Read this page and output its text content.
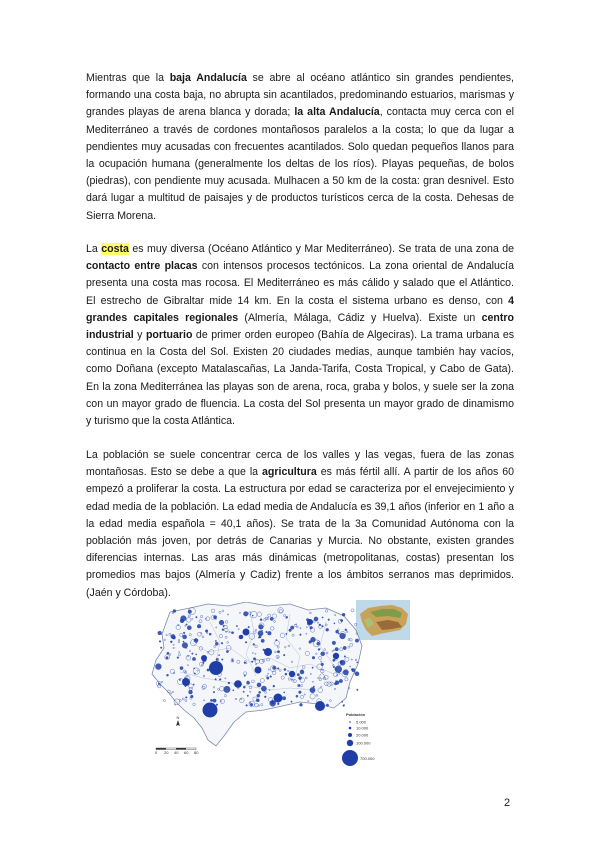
Mientras que la baja Andalucía se abre al océano atlántico sin grandes pendientes, formando una costa baja, no abrupta sin acantilados, predominando estuarios, marismas y grandes playas de arena blanca y dorada; la alta Andalucía, contacta muy cerca con el Mediterráneo a través de cordones montañosos paralelos a la costa; lo que da lugar a pendientes muy acusadas con frecuentes acantilados. Solo quedan pequeños llanos para la ocupación humana (generalmente los deltas de los ríos). Playas pequeñas, de bolos (piedras), con pendiente muy acusada. Mulhacen a 50 km de la costa: gran desnivel. Esto dará lugar a multitud de paisajes y de productos turísticos cerca de la costa. Dehesas de Sierra Morena.

La costa es muy diversa (Océano Atlántico y Mar Mediterráneo). Se trata de una zona de contacto entre placas con intensos procesos tectónicos. La zona oriental de Andalucía presenta una costa mas rocosa. El Mediterráneo es más cálido y salado que el Atlántico. El estrecho de Gibraltar mide 14 km. En la costa el sistema urbano es denso, con 4 grandes capitales regionales (Almería, Málaga, Cádiz y Huelva). Existe un centro industrial y portuario de primer orden europeo (Bahía de Algeciras). La trama urbana es continua en la Costa del Sol. Existen 20 ciudades medias, aunque también hay vacíos, como Doñana (excepto Matalascañas, La Janda-Tarifa, Costa Tropical, y Cabo de Gata). En la zona Mediterránea las playas son de arena, roca, graba y bolos, y suele ser la zona con un mayor grado de fluencia. La costa del Sol presenta un mayor grado de dinamismo y turismo que la costa Atlántica.

La población se suele concentrar cerca de los valles y las vegas, fuera de las zonas montañosas. Esto se debe a que la agricultura es más fértil allí. A partir de los años 60 empezó a proliferar la costa. La estructura por edad se caracteriza por el envejecimiento y edad media de la población. La edad media de Andalucía es 39,1 años (inferior en 1 año a la edad media española = 40,1 años). Se trata de la 3a Comunidad Autónoma con la población más joven, por detrás de Canarias y Murcia. No obstante, existen grandes diferencias internas. Las aras más dinámicas (metropolitanas, costas) presentan los promedios mas bajos (Almería y Cadiz) frente a los ámbitos serranos mas deprimidos. (Jaén y Córdoba).

Población
5.000
10.000
20.000
100.000
700.000
N
0 20 40 60 80
2
